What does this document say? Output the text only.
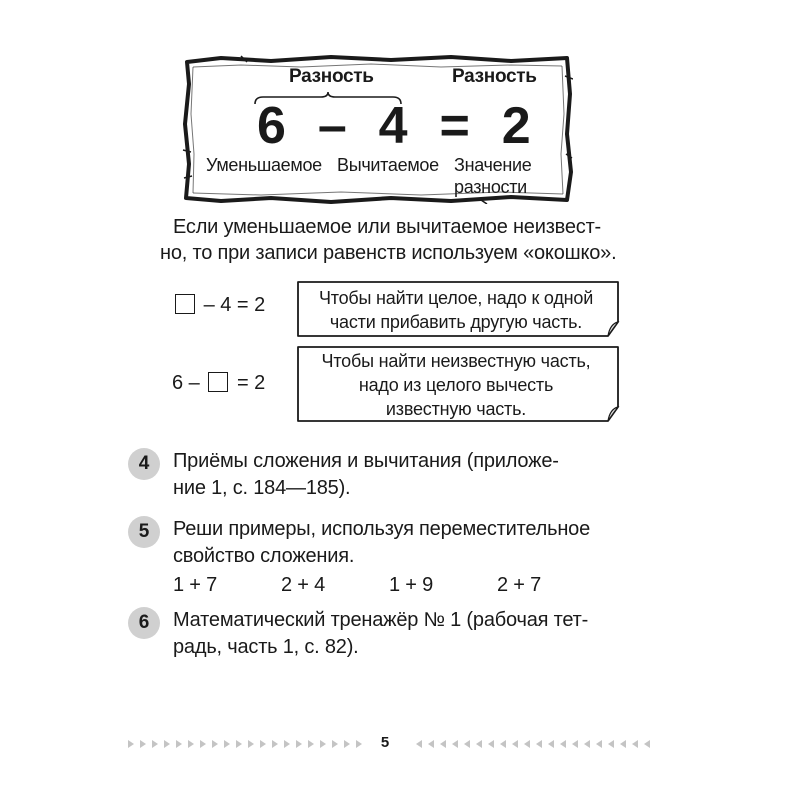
Разность	Разность
6 – 4 = 2
Уменьшаемое Вычитаемое Значение
разности
Если уменьшаемое или вычитаемое неизвест-
но, то при записи равенств используем «окошко».
– 4 = 2
6 – = 2
Чтобы найти целое, надо к одной
части прибавить другую часть.
Чтобы найти неизвестную часть,
надо из целого вычесть
известную часть.
4	Приёмы сложения и вычитания (приложе-
ние 1, с. 184—185).
5	Реши примеры, используя переместительное
свойство сложения.
1 + 7	2 + 4	1 + 9	2 + 7
6	Математический тренажёр № 1 (рабочая тет-
радь, часть 1, с. 82).
5
